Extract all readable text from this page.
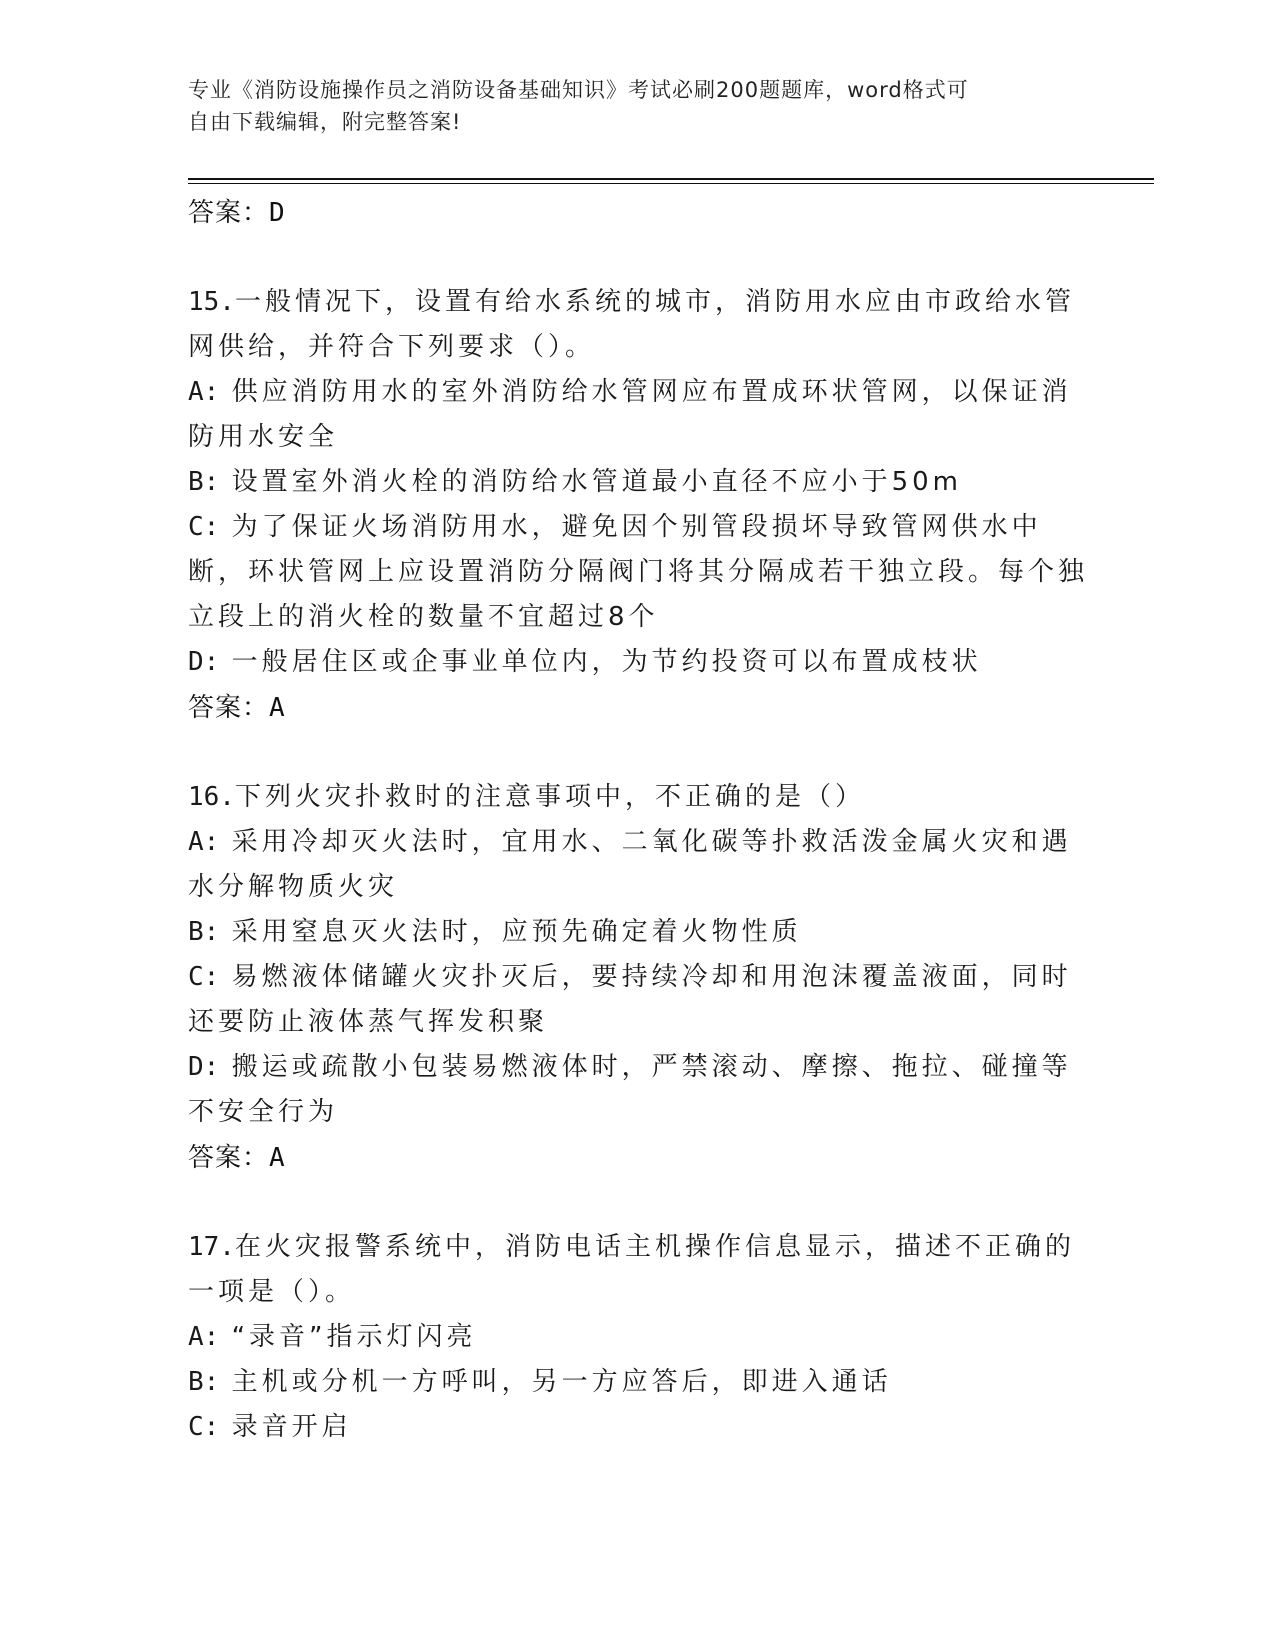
专业《消防设施操作员之消防设备基础知识》考试必刷200题题库，word格式可
自由下载编辑，附完整答案!
答案：D

15.一般情况下，设置有给水系统的城市，消防用水应由市政给水管网供给，并符合下列要求（）。

A: 供应消防用水的室外消防给水管网应布置成环状管网，以保证消防用水安全

B: 设置室外消火栓的消防给水管道最小直径不应小于50m

C: 为了保证火场消防用水，避免因个别管段损坏导致管网供水中断，环状管网上应设置消防分隔阀门将其分隔成若干独立段。每个独立段上的消火栓的数量不宜超过8个

D: 一般居住区或企事业单位内，为节约投资可以布置成枝状

答案：A

16.下列火灾扑救时的注意事项中，不正确的是（）

A: 采用冷却灭火法时，宜用水、二氧化碳等扑救活泼金属火灾和遇水分解物质火灾

B: 采用窒息灭火法时，应预先确定着火物性质

C: 易燃液体储罐火灾扑灭后，要持续冷却和用泡沫覆盖液面，同时还要防止液体蒸气挥发积聚

D: 搬运或疏散小包装易燃液体时，严禁滚动、摩擦、拖拉、碰撞等不安全行为

答案：A

17.在火灾报警系统中，消防电话主机操作信息显示，描述不正确的一项是（）。

A: “录音”指示灯闪亮

B: 主机或分机一方呼叫，另一方应答后，即进入通话

C: 录音开启
